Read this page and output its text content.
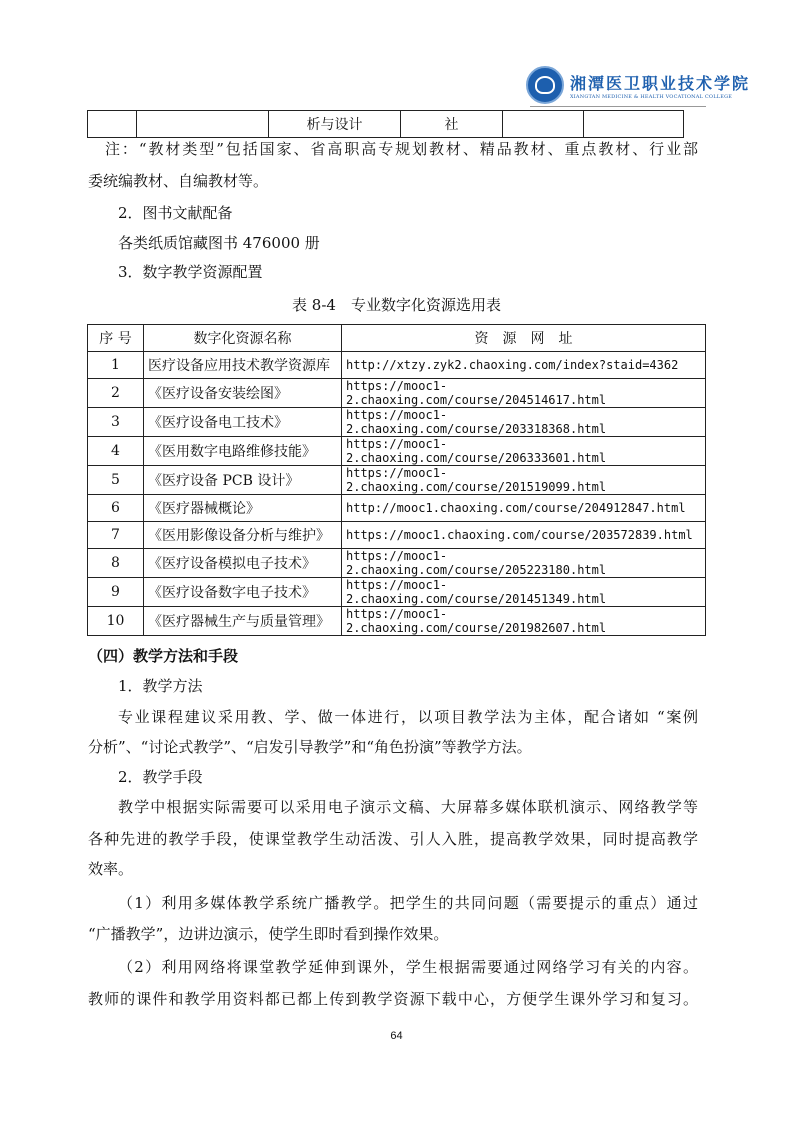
湘潭医卫职业技术学院
XIANGTAN MEDICINE & HEALTH VOCATIONAL COLLEGE
		析与设计	社		
注：“教材类型”包括国家、省高职高专规划教材、精品教材、重点教材、行业部
委统编教材、自编教材等。
2．图书文献配备
各类纸质馆藏图书 476000 册
3．数字教学资源配置
表 8-4　专业数字化资源选用表
序 号	数字化资源名称	资　源　网　址
1	医疗设备应用技术教学资源库	http://xtzy.zyk2.chaoxing.com/index?staid=4362
2	《医疗设备安装绘图》	https://mooc1-2.chaoxing.com/course/204514617.html
3	《医疗设备电工技术》	https://mooc1-2.chaoxing.com/course/203318368.html
4	《医用数字电路维修技能》	https://mooc1-2.chaoxing.com/course/206333601.html
5	《医疗设备 PCB 设计》	https://mooc1-2.chaoxing.com/course/201519099.html
6	《医疗器械概论》	http://mooc1.chaoxing.com/course/204912847.html
7	《医用影像设备分析与维护》	https://mooc1.chaoxing.com/course/203572839.html
8	《医疗设备模拟电子技术》	https://mooc1-2.chaoxing.com/course/205223180.html
9	《医疗设备数字电子技术》	https://mooc1-2.chaoxing.com/course/201451349.html
10	《医疗器械生产与质量管理》	https://mooc1-2.chaoxing.com/course/201982607.html
（四）教学方法和手段
1．教学方法
专业课程建议采用教、学、做一体进行，以项目教学法为主体，配合诸如 “案例
分析”、“讨论式教学”、“启发引导教学”和“角色扮演”等教学方法。
2．教学手段
教学中根据实际需要可以采用电子演示文稿、大屏幕多媒体联机演示、网络教学等
各种先进的教学手段，使课堂教学生动活泼、引人入胜，提高教学效果，同时提高教学
效率。
（1）利用多媒体教学系统广播教学。把学生的共同问题（需要提示的重点）通过
“广播教学”，边讲边演示，使学生即时看到操作效果。
（2）利用网络将课堂教学延伸到课外，学生根据需要通过网络学习有关的内容。
教师的课件和教学用资料都已都上传到教学资源下载中心，方便学生课外学习和复习。
64
